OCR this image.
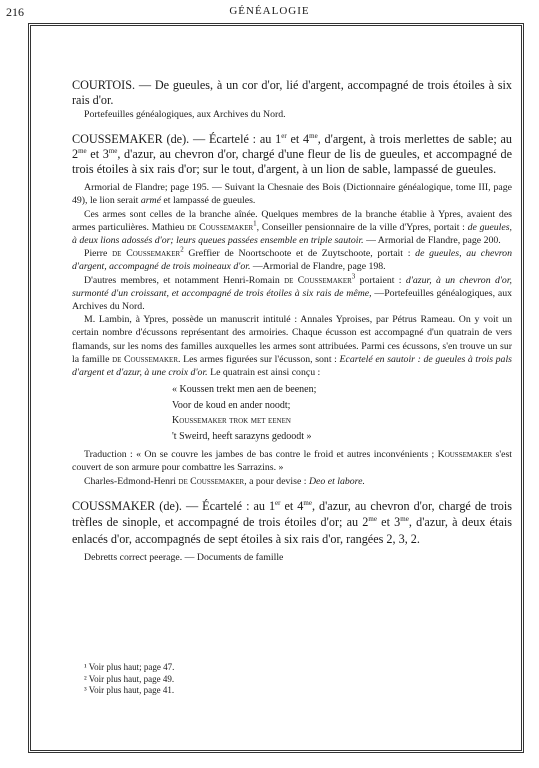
216	GÉNÉALOGIE

COURTOIS. — De gueules, à un cor d'or, lié d'argent, accompagné de trois étoiles à six rais d'or.

Portefeuilles généalogiques, aux Archives du Nord.

COUSSEMAKER (de). — Écartelé : au 1er et $4^{me}$, d'argent, à trois merlettes de sable; au $2^{me}$ et $3^{me}$, d'azur, au chevron d'or, chargé d'une fleur de lis de gueules, et accompagné de trois étoiles à six rais d'or; sur le tout, d'argent, à un lion de sable, lampassé de gueules.

Armorial de Flandre; page 195. — Suivant la Chesnaie des Bois (Dictionnaire généalogique, tome III, page 49), le lion serait armé et lampassé de gueules.

Ces armes sont celles de la branche aînée. Quelques membres de la branche établie à Ypres, avaient des armes particulières. Mathieu de Coussemaker$^1$, Conseiller pensionnaire de la ville d'Ypres, portait : de gueules, à deux lions adossés d'or; leurs queues passées ensemble en triple sautoir. — Armorial de Flandre, page 200.

Pierre de Coussemaker$^2$ Greffier de Noortschoote et de Zuytschoote, portait : de gueules, au chevron d'argent, accompagné de trois moineaux d'or. —Armorial de Flandre, page 198.

D'autres membres, et notamment Henri-Romain de Coussemaker$^3$ portaient : d'azur, à un chevron d'or, surmonté d'un croissant, et accompagné de trois étoiles à six rais de même, —Portefeuilles généalogiques, aux Archives du Nord.

M. Lambin, à Ypres, possède un manuscrit intitulé : Annales Yproises, par Pétrus Rameau. On y voit un certain nombre d'écussons représentant des armoiries. Chaque écusson est accompagné d'un quatrain de vers flamands, sur les noms des familles auxquelles les armes sont attribuées. Parmi ces écussons, s'en trouve un sur la famille de Coussemaker. Les armes figurées sur l'écusson, sont : Ecartelé en sautoir : de gueules à trois pals d'argent et d'azur, à une croix d'or. Le quatrain est ainsi conçu :

« Koussen trekt men aen de beenen;
Voor de koud en ander noodt;
Koussemaker trok met eenen
't Sweird, heeft sarazyns gedoodt »

Traduction : « On se couvre les jambes de bas contre le froid et autres inconvénients ; Koussemaker s'est couvert de son armure pour combattre les Sarrazins. »

Charles-Edmond-Henri de Coussemaker, a pour devise : Deo et labore.

COUSSMAKER (de). — Écartelé : au 1er et $4^{me}$, d'azur, au chevron d'or, chargé de trois trèfles de sinople, et accompagné de trois étoiles d'or; au $2^{me}$ et $3^{me}$, d'azur, à deux étais enlacés d'or, accompagnés de sept étoiles à six rais d'or, rangées 2, 3, 2.

Debretts correct peerage. — Documents de famille

¹ Voir plus haut; page 47.
² Voir plus haut, page 49.
³ Voir plus haut, page 41.
